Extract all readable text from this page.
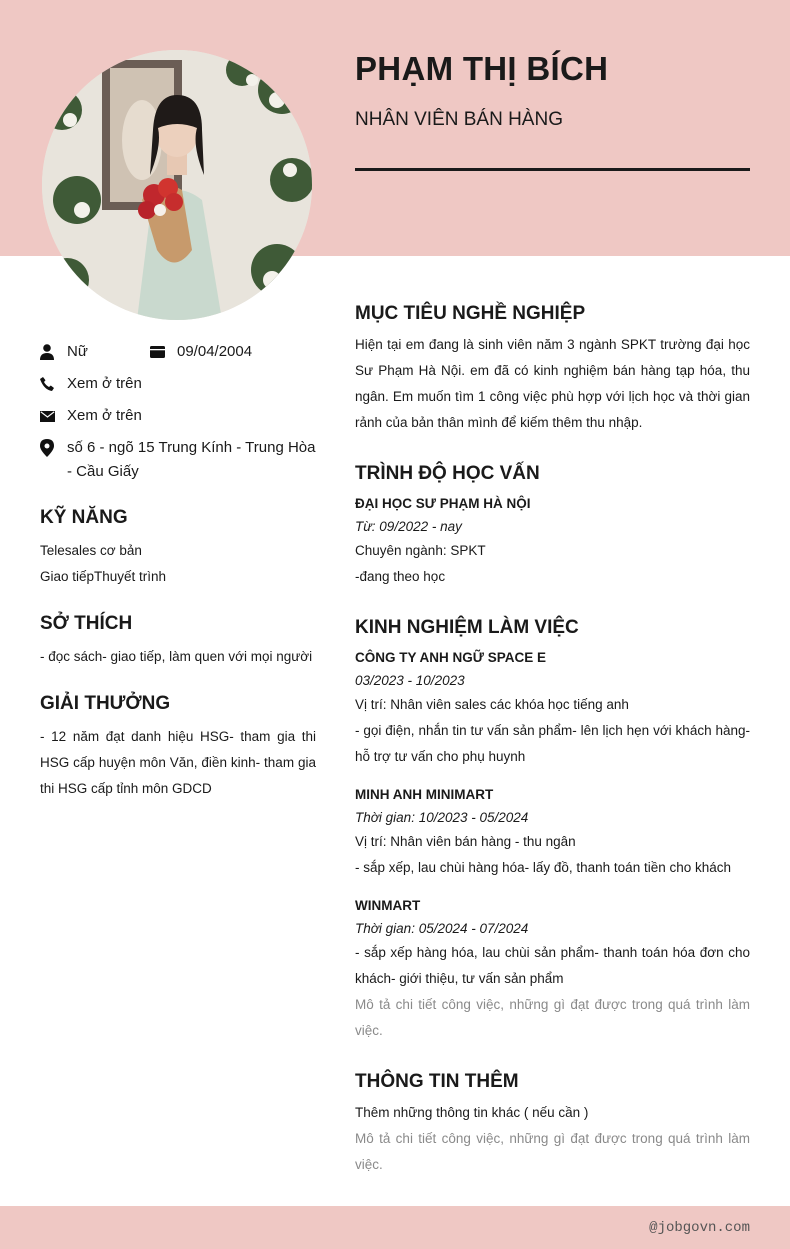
PHẠM THỊ BÍCH
NHÂN VIÊN BÁN HÀNG
Nữ	09/04/2004
Xem ở trên
Xem ở trên
số 6 - ngõ 15 Trung Kính - Trung Hòa - Cầu Giấy
KỸ NĂNG
Telesales cơ bản
Giao tiếpThuyết trình
SỞ THÍCH
- đọc sách- giao tiếp, làm quen với mọi người
GIẢI THƯỞNG
- 12 năm đạt danh hiệu HSG- tham gia thi HSG cấp huyện môn Văn, điền kinh- tham gia thi HSG cấp tỉnh môn GDCD
MỤC TIÊU NGHỀ NGHIỆP
Hiện tại em đang là sinh viên năm 3 ngành SPKT trường đại học Sư Phạm Hà Nội. em đã có kinh nghiệm bán hàng tạp hóa, thu ngân. Em muốn tìm 1 công việc phù hợp với lịch học và thời gian rảnh của bản thân mình để kiếm thêm thu nhập.
TRÌNH ĐỘ HỌC VẤN
ĐẠI HỌC SƯ PHẠM HÀ NỘI
Từ: 09/2022 - nay
Chuyên ngành: SPKT
-đang theo học
KINH NGHIỆM LÀM VIỆC
CÔNG TY ANH NGỮ SPACE E
03/2023 - 10/2023
Vị trí: Nhân viên sales các khóa học tiếng anh
- gọi điện, nhắn tin tư vấn sản phẩm- lên lịch hẹn với khách hàng- hỗ trợ tư vấn cho phụ huynh
MINH ANH MINIMART
Thời gian: 10/2023 - 05/2024
Vị trí: Nhân viên bán hàng - thu ngân
- sắp xếp, lau chùi hàng hóa- lấy đồ, thanh toán tiền cho khách
WINMART
Thời gian: 05/2024 - 07/2024
- sắp xếp hàng hóa, lau chùi sản phẩm- thanh toán hóa đơn cho khách- giới thiệu, tư vấn sản phẩm
Mô tả chi tiết công việc, những gì đạt được trong quá trình làm việc.
THÔNG TIN THÊM
Thêm những thông tin khác ( nếu cần )
Mô tả chi tiết công việc, những gì đạt được trong quá trình làm việc.
@jobgovn.com
